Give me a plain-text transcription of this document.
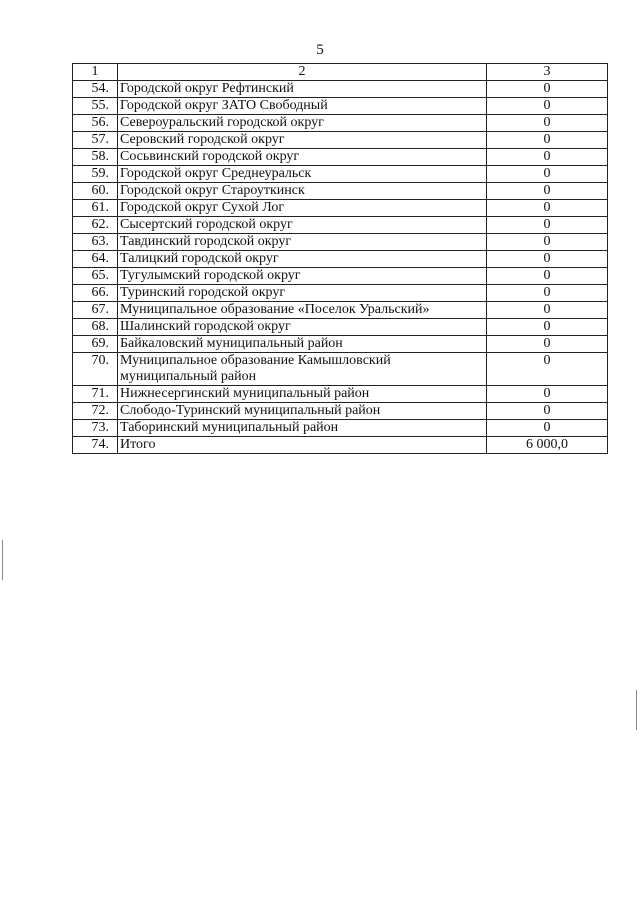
5
1	2	3
54.	Городской округ Рефтинский	0
55.	Городской округ ЗАТО Свободный	0
56.	Североуральский городской округ	0
57.	Серовский городской округ	0
58.	Сосьвинский городской округ	0
59.	Городской округ Среднеуральск	0
60.	Городской округ Староуткинск	0
61.	Городской округ Сухой Лог	0
62.	Сысертский городской округ	0
63.	Тавдинский городской округ	0
64.	Талицкий городской округ	0
65.	Тугулымский городской округ	0
66.	Туринский городской округ	0
67.	Муниципальное образование «Поселок Уральский»	0
68.	Шалинский городской округ	0
69.	Байкаловский муниципальный район	0
70.	Муниципальное образование Камышловский муниципальный район	0
71.	Нижнесергинский муниципальный район	0
72.	Слободо-Туринский муниципальный район	0
73.	Таборинский муниципальный район	0
74.	Итого	6 000,0
